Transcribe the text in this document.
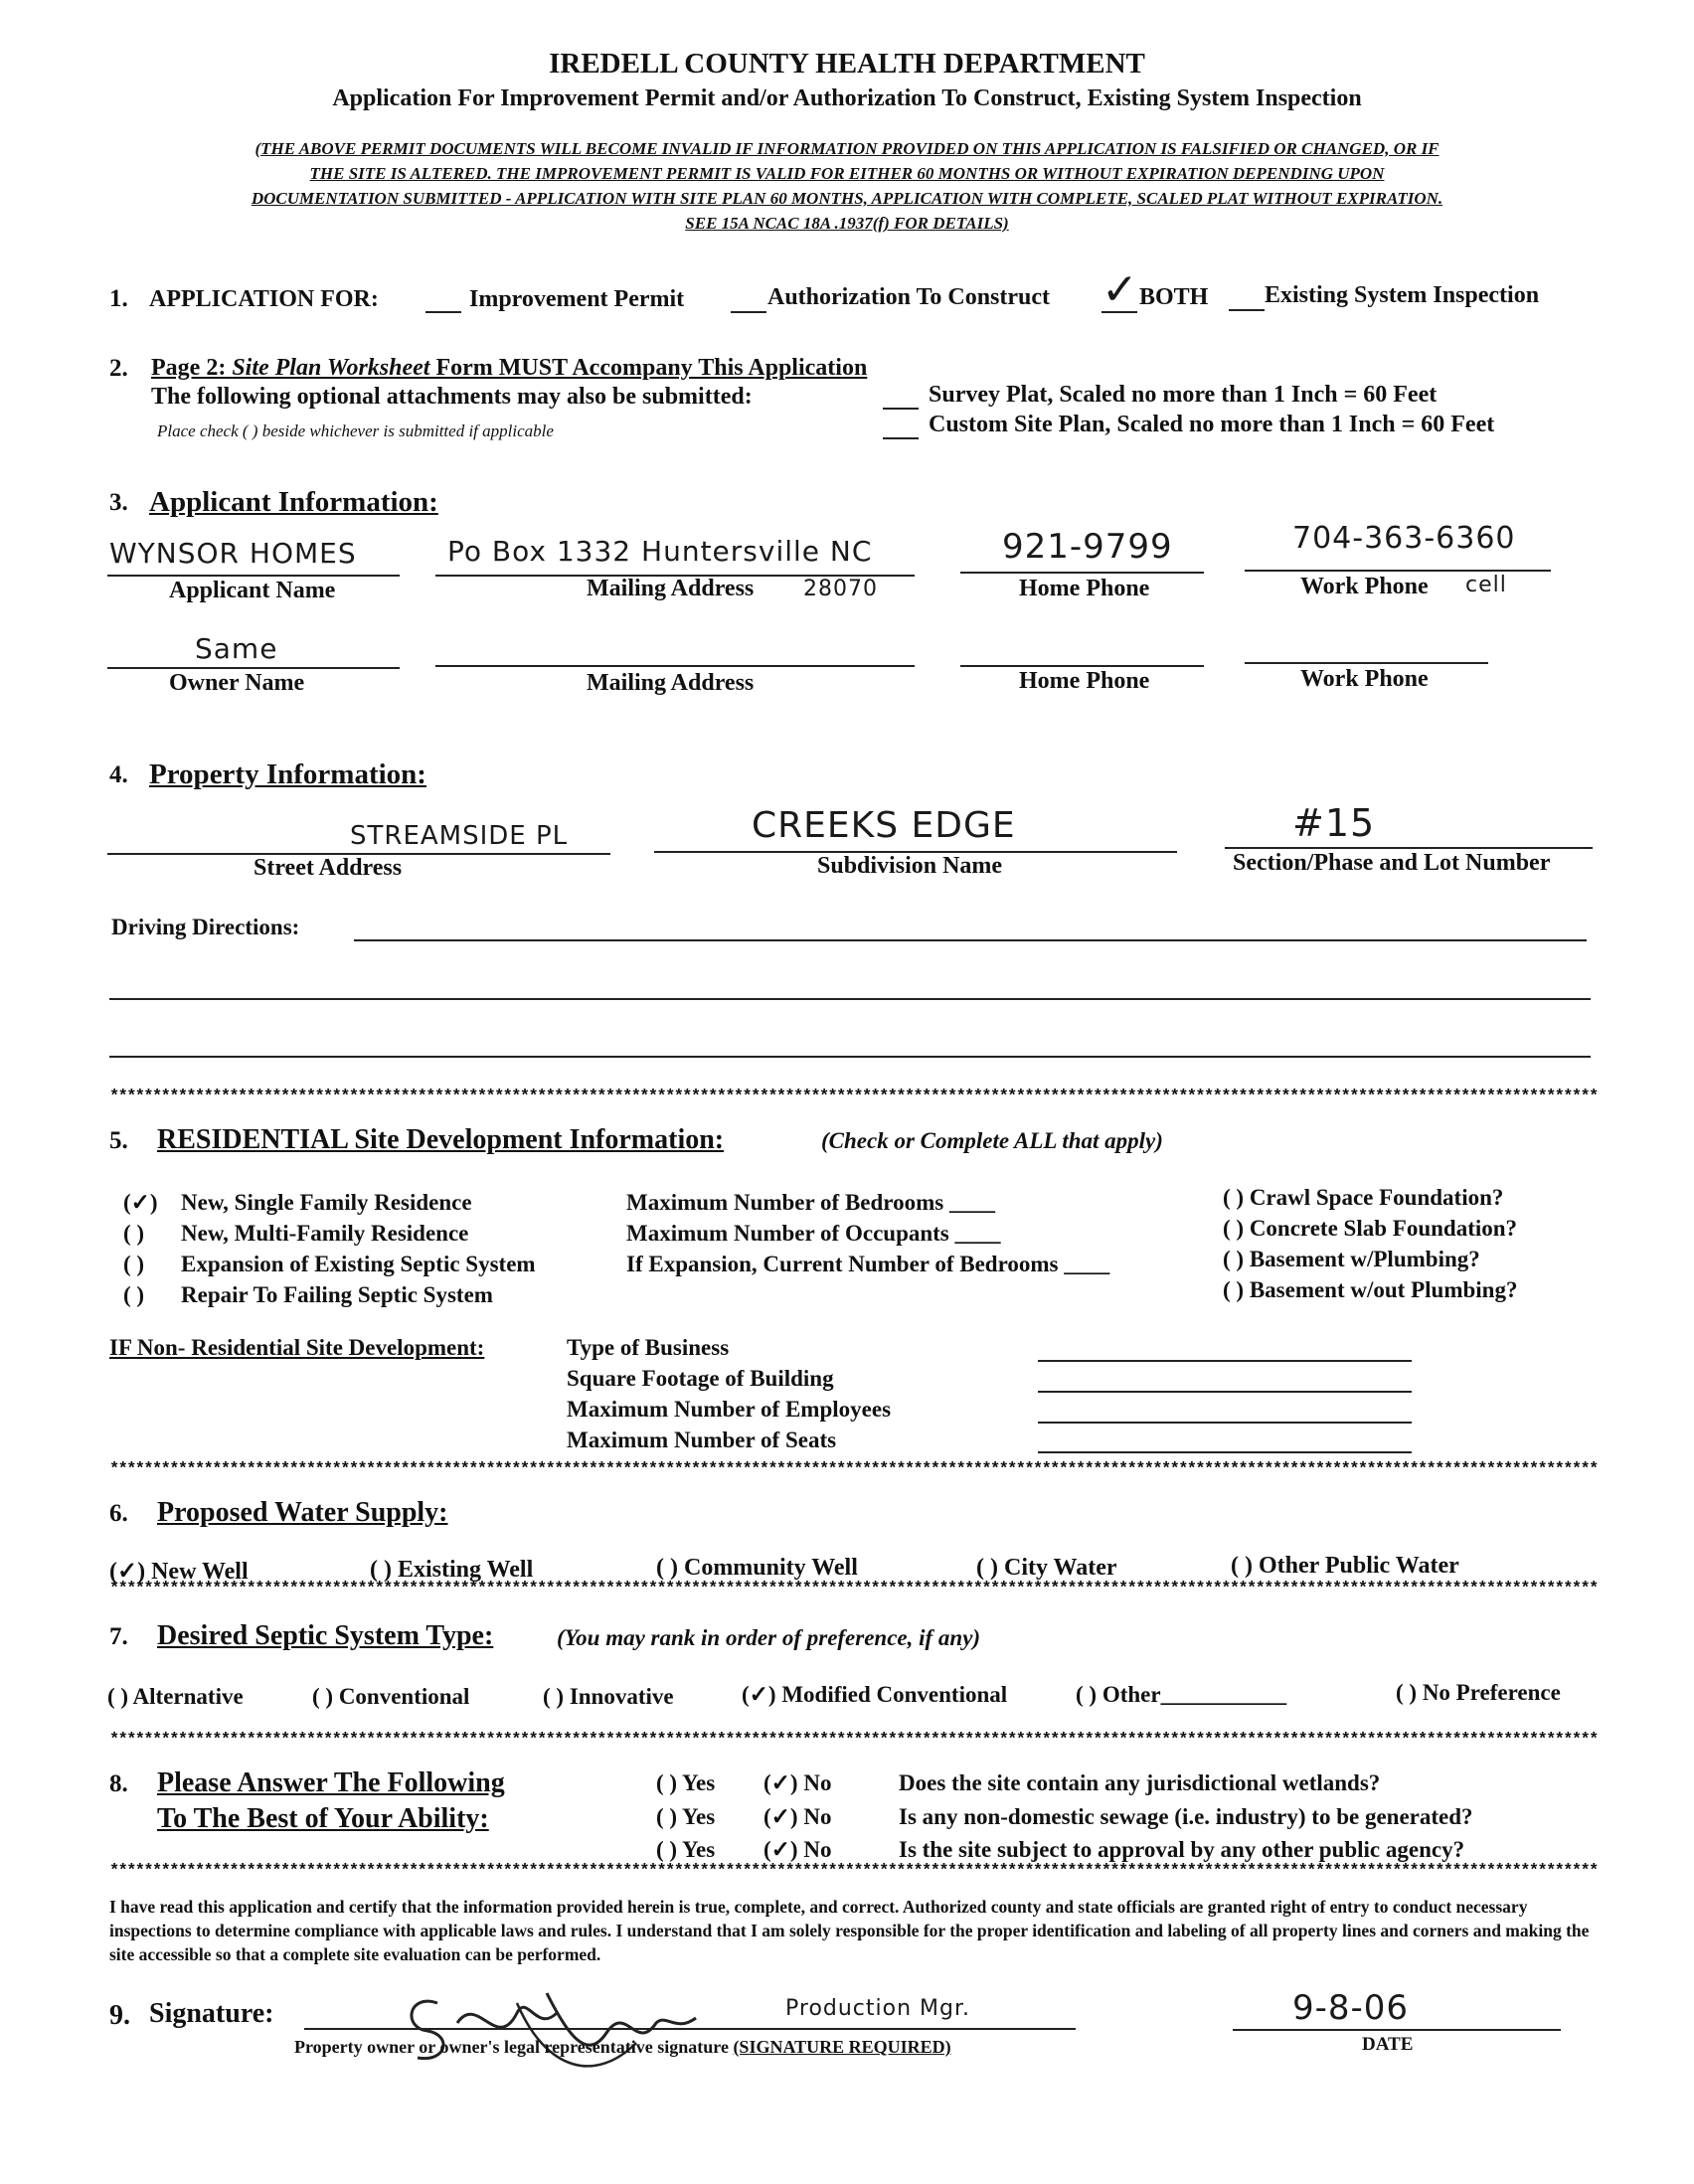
IREDELL COUNTY HEALTH DEPARTMENT
Application For Improvement Permit and/or Authorization To Construct, Existing System Inspection
(THE ABOVE PERMIT DOCUMENTS WILL BECOME INVALID IF INFORMATION PROVIDED ON THIS APPLICATION IS FALSIFIED OR CHANGED, OR IF
THE SITE IS ALTERED. THE IMPROVEMENT PERMIT IS VALID FOR EITHER 60 MONTHS OR WITHOUT EXPIRATION DEPENDING UPON
DOCUMENTATION SUBMITTED - APPLICATION WITH SITE PLAN 60 MONTHS, APPLICATION WITH COMPLETE, SCALED PLAT WITHOUT EXPIRATION.
SEE 15A NCAC 18A .1937(f) FOR DETAILS)
1. APPLICATION FOR:	Improvement Permit	Authorization To Construct ✓ BOTH Existing System Inspection
2. Page 2: Site Plan Worksheet Form MUST Accompany This Application
The following optional attachments may also be submitted:
Place check ( ) beside whichever is submitted if applicable
Survey Plat, Scaled no more than 1 Inch = 60 Feet
Custom Site Plan, Scaled no more than 1 Inch = 60 Feet
3. Applicant Information:
WYNSOR HOMES
Applicant Name
Po Box 1332 Huntersville NC
Mailing Address 28070
921-9799
Home Phone
704-363-6360
Work Phone cell
Same
Owner Name	Mailing Address	Home Phone	Work Phone
4. Property Information:
STREAMSIDE PL
Street Address
CREEKS EDGE
Subdivision Name
#15
Section/Phase and Lot Number
Driving Directions:
******************************************************************************************************************************************************************************
5. RESIDENTIAL Site Development Information:	(Check or Complete ALL that apply)
(✓) New, Single Family Residence
( ) New, Multi-Family Residence
( ) Expansion of Existing Septic System
( ) Repair To Failing Septic System
Maximum Number of Bedrooms ____
Maximum Number of Occupants ____
If Expansion, Current Number of Bedrooms ____
( ) Crawl Space Foundation?
( ) Concrete Slab Foundation?
( ) Basement w/Plumbing?
( ) Basement w/out Plumbing?
IF Non- Residential Site Development:	Type of Business
Square Footage of Building
Maximum Number of Employees
Maximum Number of Seats
******************************************************************************************************************************************************************************
6. Proposed Water Supply:
(✓) New Well	( ) Existing Well	( ) Community Well	( ) City Water	( ) Other Public Water
******************************************************************************************************************************************************************************
7. Desired Septic System Type:	(You may rank in order of preference, if any)
( ) Alternative	( ) Conventional	( ) Innovative	(✓) Modified Conventional	( ) Other___________	( ) No Preference
******************************************************************************************************************************************************************************
8. Please Answer The Following
To The Best of Your Ability:
( ) Yes (✓) No	Does the site contain any jurisdictional wetlands?
( ) Yes (✓) No	Is any non-domestic sewage (i.e. industry) to be generated?
( ) Yes (✓) No	Is the site subject to approval by any other public agency?
******************************************************************************************************************************************************************************
I have read this application and certify that the information provided herein is true, complete, and correct. Authorized county and state officials are granted right of entry to conduct necessary inspections to determine compliance with applicable laws and rules. I understand that I am solely responsible for the proper identification and labeling of all property lines and corners and making the site accessible so that a complete site evaluation can be performed.
9. Signature:	Production Mgr.
Property owner or owner's legal representative signature (SIGNATURE REQUIRED)
9-8-06
DATE
